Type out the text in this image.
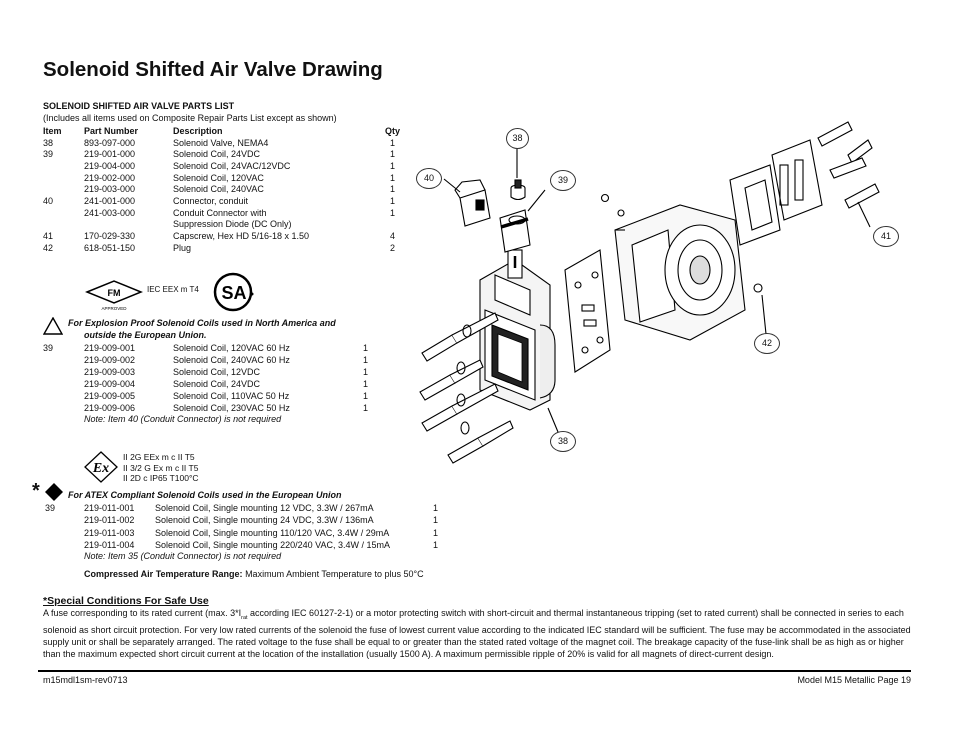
Solenoid Shifted Air Valve Drawing
SOLENOID SHIFTED AIR VALVE PARTS LIST
(Includes all items used on Composite Repair Parts List except as shown)
Item Part Number	Description	Qty
38	893-097-000	Solenoid Valve, NEMA4	1
39	219-001-000	Solenoid Coil, 24VDC	1
219-004-000	Solenoid Coil, 24VAC/12VDC	1
219-002-000	Solenoid Coil, 120VAC	1
219-003-000	Solenoid Coil, 240VAC	1
40	241-001-000	Connector, conduit	1
241-003-000	Conduit Connector with	1
Suppression Diode (DC Only)
41	170-029-330	Capscrew, Hex HD 5/16-18 x 1.50	4
42	618-051-150	Plug	2
FM
APPROVED
IEC EEX m T4 SA
For Explosion Proof Solenoid Coils used in North America and
outside the European Union.
39	219-009-001	Solenoid Coil, 120VAC 60 Hz	1
219-009-002	Solenoid Coil, 240VAC 60 Hz	1
219-009-003	Solenoid Coil, 12VDC	1
219-009-004	Solenoid Coil, 24VDC	1
219-009-005	Solenoid Coil, 110VAC 50 Hz	1
219-009-006	Solenoid Coil, 230VAC 50 Hz	1
Note: Item 40 (Conduit Connector) is not required
Ex
II 2G EEx m c II T5
II 3/2 G Ex m c II T5
II 2D c IP65 T100°C
*	For ATEX Compliant Solenoid Coils used in the European Union
39	219-011-001 Solenoid Coil, Single mounting 12 VDC, 3.3W / 267mA	1
219-011-002 Solenoid Coil, Single mounting 24 VDC, 3.3W / 136mA	1
219-011-003 Solenoid Coil, Single mounting 110/120 VAC, 3.4W / 29mA	1
219-011-004 Solenoid Coil, Single mounting 220/240 VAC, 3.4W / 15mA	1
Note: Item 35 (Conduit Connector) is not required
Compressed Air Temperature Range: Maximum Ambient Temperature to plus 50°C
*Special Conditions For Safe Use
A fuse corresponding to its rated current (max. $3*I_{rat}$ according IEC 60127-2-1) or a motor protecting switch with short-circuit and thermal instantaneous tripping (set to rated current) shall be connected in series to each solenoid as short circuit protection. For very low rated currents of the solenoid the fuse of lowest current value according to the indicated IEC standard will be sufficient. The fuse may be accommodated in the associated supply unit or shall be separately arranged. The rated voltage to the fuse shall be equal to or greater than the stated rated voltage of the magnet coil. The breakage capacity of the fuse-link shall be as high as or higher than the maximum expected short circuit current at the location of the installation (usually 1500 A). A maximum permissible ripple of 20% is valid for all magnets of direct-current design.
m15mdl1sm-rev0713	Model M15 Metallic Page 19
38
40	39
41
42
38
